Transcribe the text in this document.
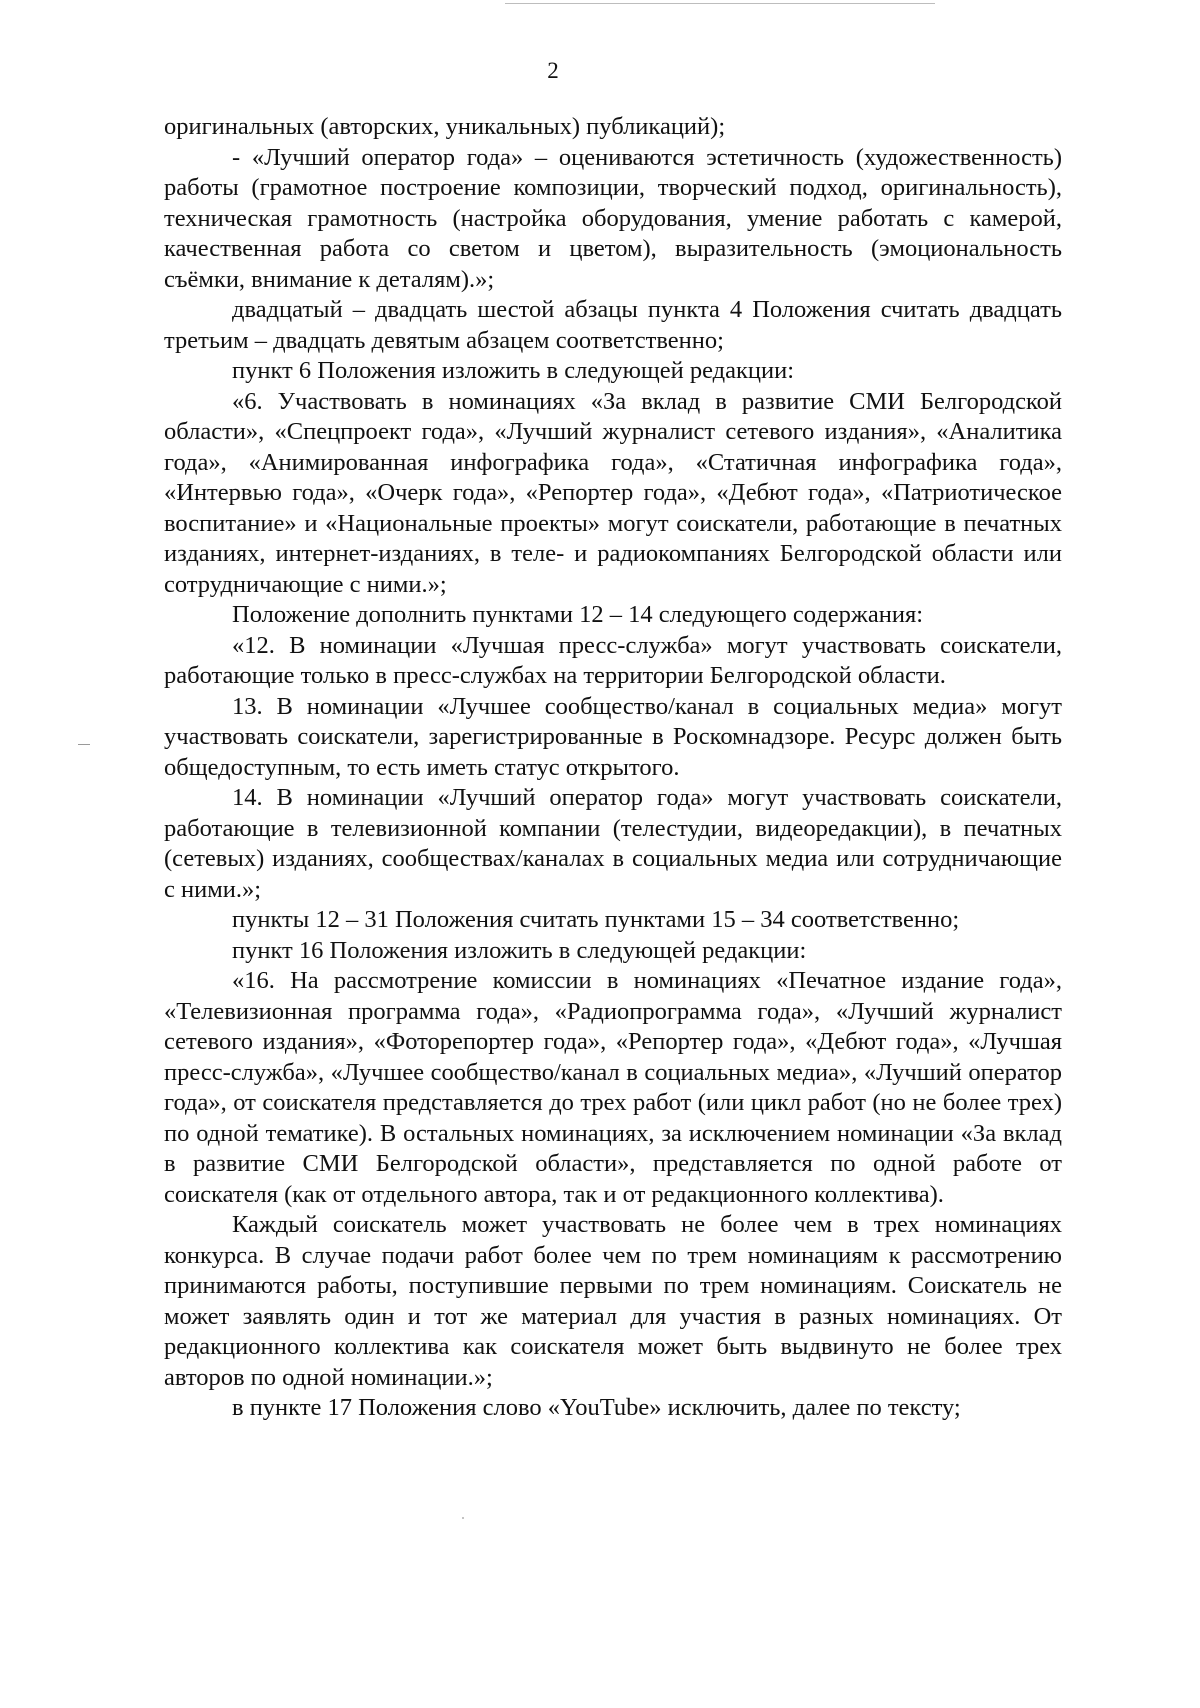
2

оригинальных (авторских, уникальных) публикаций);

- «Лучший оператор года» – оцениваются эстетичность (художественность) работы (грамотное построение композиции, творческий подход, оригинальность), техническая грамотность (настройка оборудования, умение работать с камерой, качественная работа со светом и цветом), выразительность (эмоциональность съёмки, внимание к деталям).»;

двадцатый – двадцать шестой абзацы пункта 4 Положения считать двадцать третьим – двадцать девятым абзацем соответственно;

пункт 6 Положения изложить в следующей редакции:

«6. Участвовать в номинациях «За вклад в развитие СМИ Белгородской области», «Спецпроект года», «Лучший журналист сетевого издания», «Аналитика года», «Анимированная инфографика года», «Статичная инфографика года», «Интервью года», «Очерк года», «Репортер года», «Дебют года», «Патриотическое воспитание» и «Национальные проекты» могут соискатели, работающие в печатных изданиях, интернет-изданиях, в теле- и радиокомпаниях Белгородской области или сотрудничающие с ними.»;

Положение дополнить пунктами 12 – 14 следующего содержания:

«12. В номинации «Лучшая пресс-служба» могут участвовать соискатели, работающие только в пресс-службах на территории Белгородской области.

13. В номинации «Лучшее сообщество/канал в социальных медиа» могут участвовать соискатели, зарегистрированные в Роскомнадзоре. Ресурс должен быть общедоступным, то есть иметь статус открытого.

14. В номинации «Лучший оператор года» могут участвовать соискатели, работающие в телевизионной компании (телестудии, видеоредакции), в печатных (сетевых) изданиях, сообществах/каналах в социальных медиа или сотрудничающие с ними.»;

пункты 12 – 31 Положения считать пунктами 15 – 34 соответственно;

пункт 16 Положения изложить в следующей редакции:

«16. На рассмотрение комиссии в номинациях «Печатное издание года», «Телевизионная программа года», «Радиопрограмма года», «Лучший журналист сетевого издания», «Фоторепортер года», «Репортер года», «Дебют года», «Лучшая пресс-служба», «Лучшее сообщество/канал в социальных медиа», «Лучший оператор года», от соискателя представляется до трех работ (или цикл работ (но не более трех) по одной тематике). В остальных номинациях, за исключением номинации «За вклад в развитие СМИ Белгородской области», представляется по одной работе от соискателя (как от отдельного автора, так и от редакционного коллектива).

Каждый соискатель может участвовать не более чем в трех номинациях конкурса. В случае подачи работ более чем по трем номинациям к рассмотрению принимаются работы, поступившие первыми по трем номинациям. Соискатель не может заявлять один и тот же материал для участия в разных номинациях. От редакционного коллектива как соискателя может быть выдвинуто не более трех авторов по одной номинации.»;

в пункте 17 Положения слово «YouTube» исключить, далее по тексту;
